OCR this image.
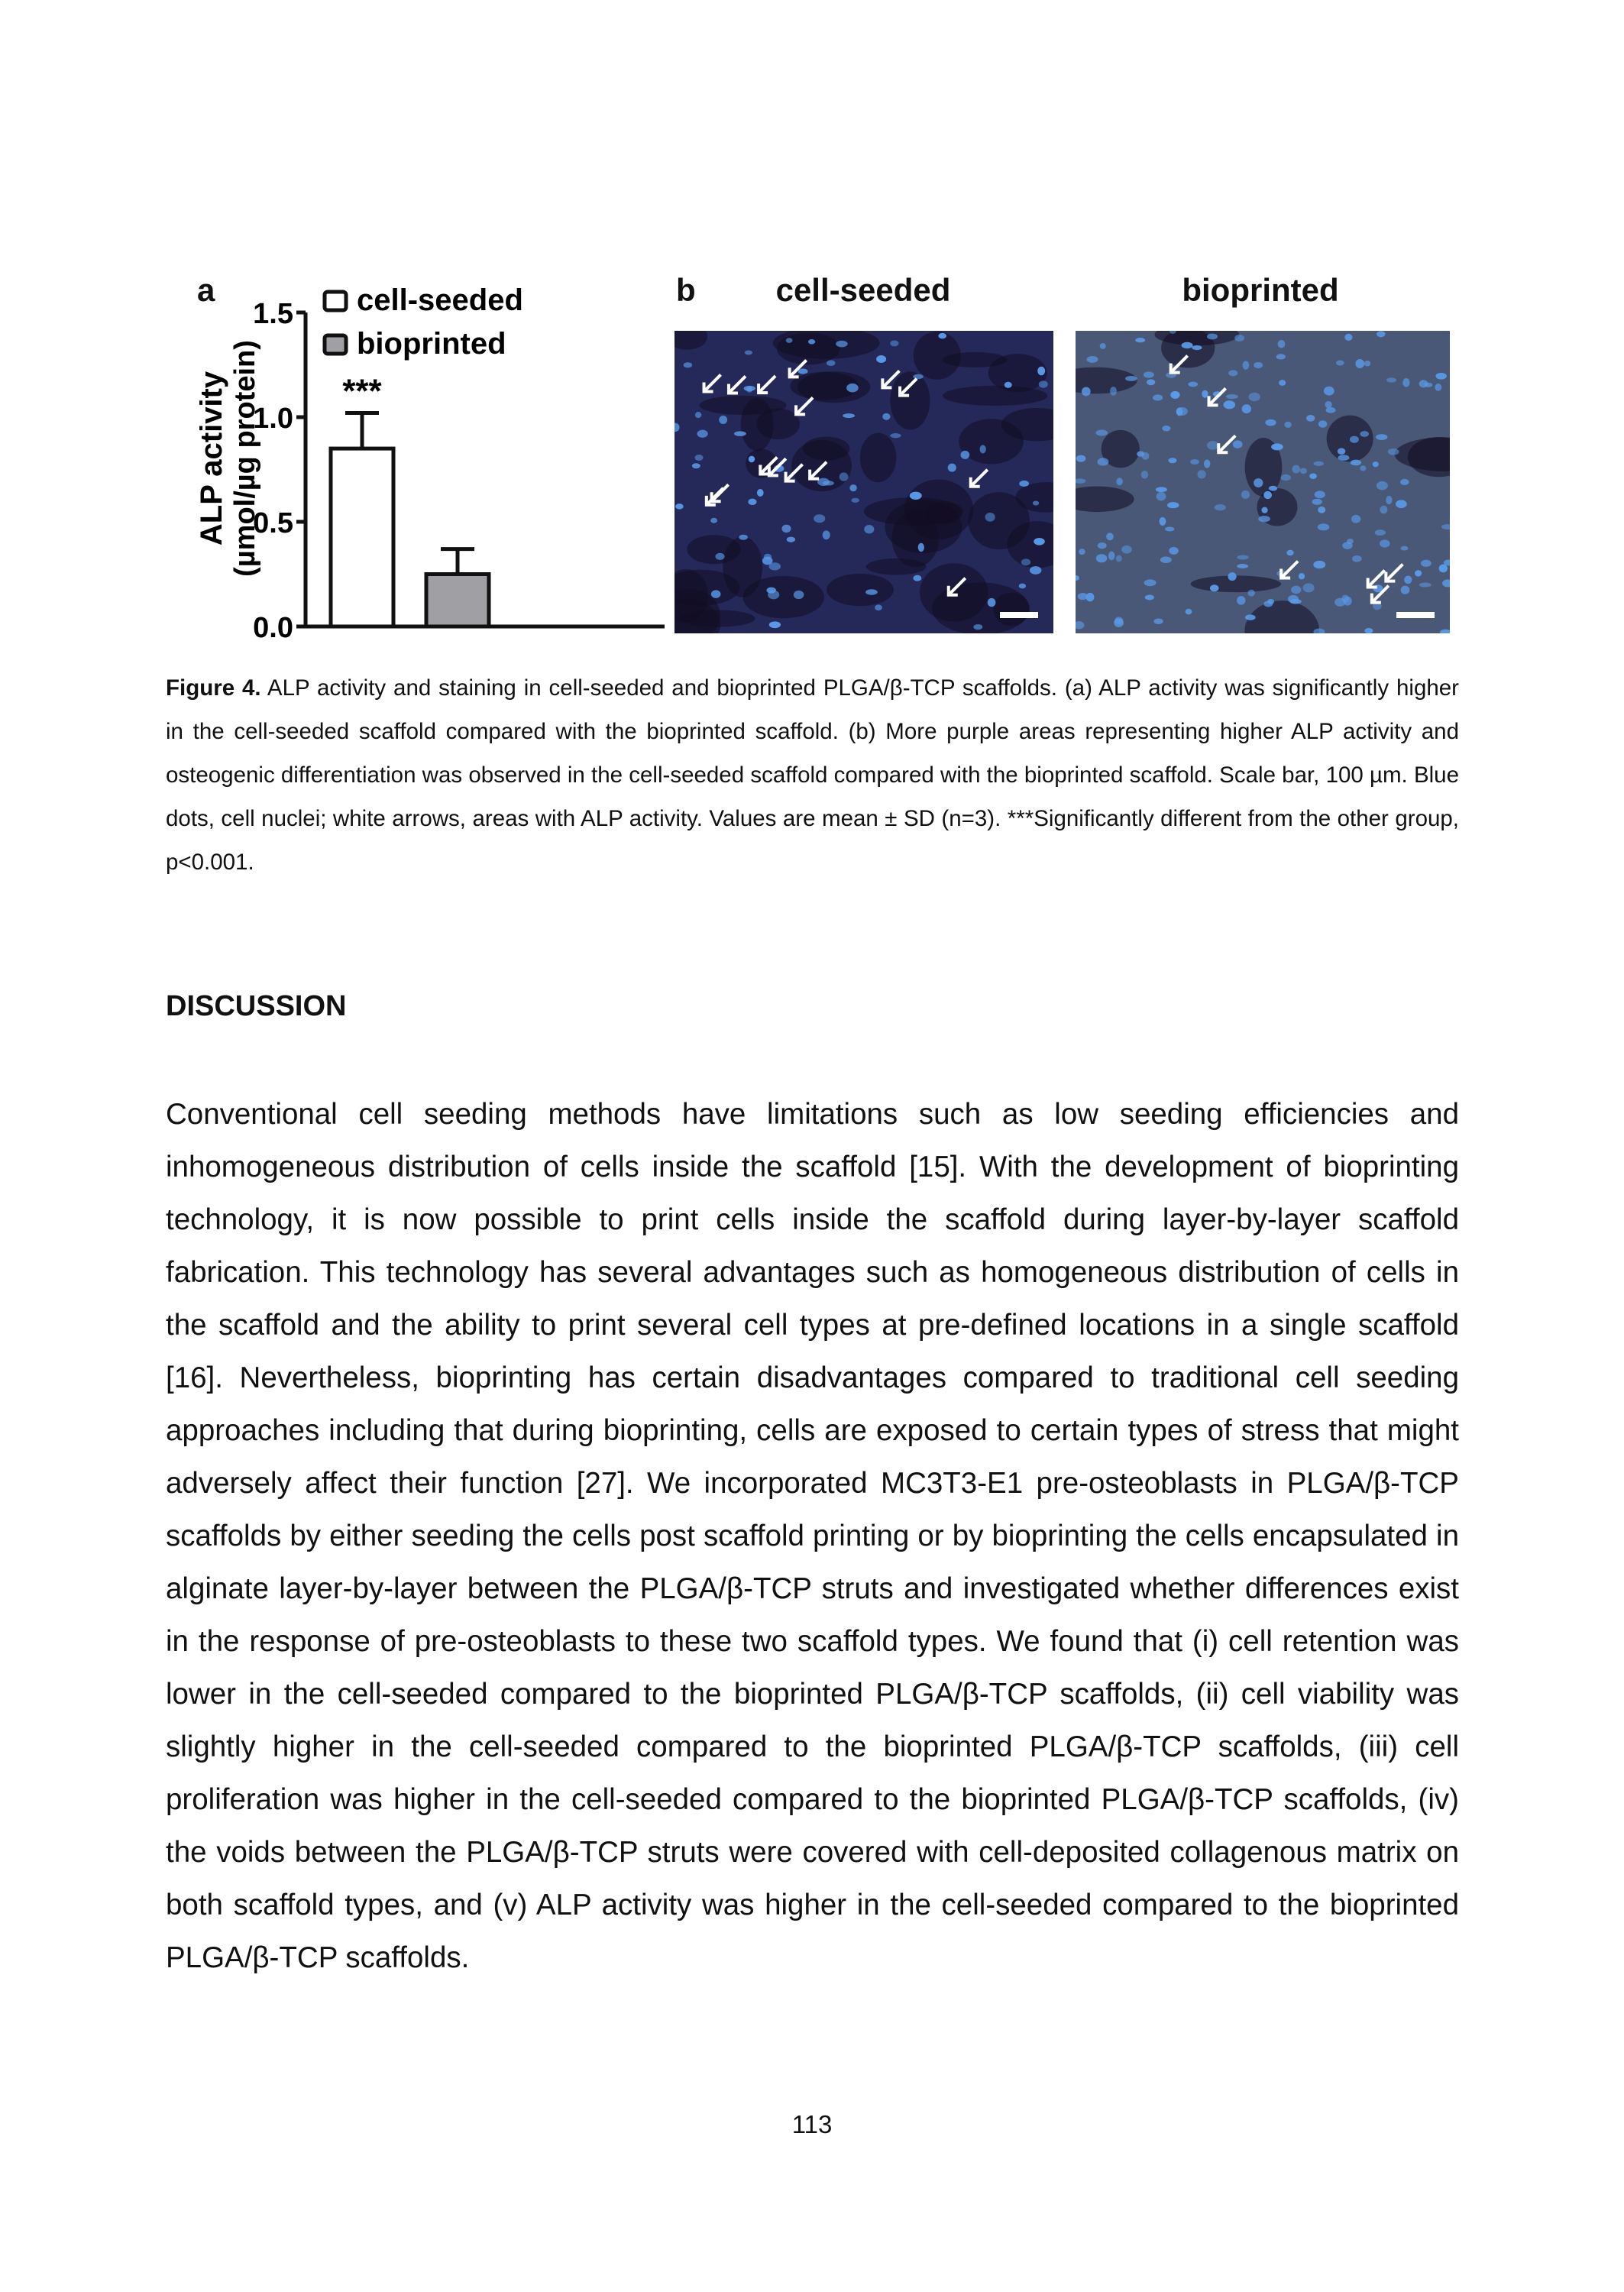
a
0.0
0.5
1.0
1.5
ALP activity (µmol/µg protein) ***
cell-seeded
bioprinted
b	cell-seeded	bioprinted
Figure 4. ALP activity and staining in cell-seeded and bioprinted PLGA/β-TCP scaffolds. (a) ALP activity was significantly higher in the cell-seeded scaffold compared with the bioprinted scaffold. (b) More purple areas representing higher ALP activity and osteogenic differentiation was observed in the cell-seeded scaffold compared with the bioprinted scaffold. Scale bar, 100 µm. Blue dots, cell nuclei; white arrows, areas with ALP activity. Values are mean ± SD (n=3). ***Significantly different from the other group, p<0.001.
DISCUSSION
Conventional cell seeding methods have limitations such as low seeding efficiencies and inhomogeneous distribution of cells inside the scaffold [15]. With the development of bioprinting technology, it is now possible to print cells inside the scaffold during layer-by-layer scaffold fabrication. This technology has several advantages such as homogeneous distribution of cells in the scaffold and the ability to print several cell types at pre-defined locations in a single scaffold [16]. Nevertheless, bioprinting has certain disadvantages compared to traditional cell seeding approaches including that during bioprinting, cells are exposed to certain types of stress that might adversely affect their function [27]. We incorporated MC3T3-E1 pre-osteoblasts in PLGA/β-TCP scaffolds by either seeding the cells post scaffold printing or by bioprinting the cells encapsulated in alginate layer-by-layer between the PLGA/β-TCP struts and investigated whether differences exist in the response of pre-osteoblasts to these two scaffold types. We found that (i) cell retention was lower in the cell-seeded compared to the bioprinted PLGA/β-TCP scaffolds, (ii) cell viability was slightly higher in the cell-seeded compared to the bioprinted PLGA/β-TCP scaffolds, (iii) cell proliferation was higher in the cell-seeded compared to the bioprinted PLGA/β-TCP scaffolds, (iv) the voids between the PLGA/β-TCP struts were covered with cell-deposited collagenous matrix on both scaffold types, and (v) ALP activity was higher in the cell-seeded compared to the bioprinted PLGA/β-TCP scaffolds.
113
